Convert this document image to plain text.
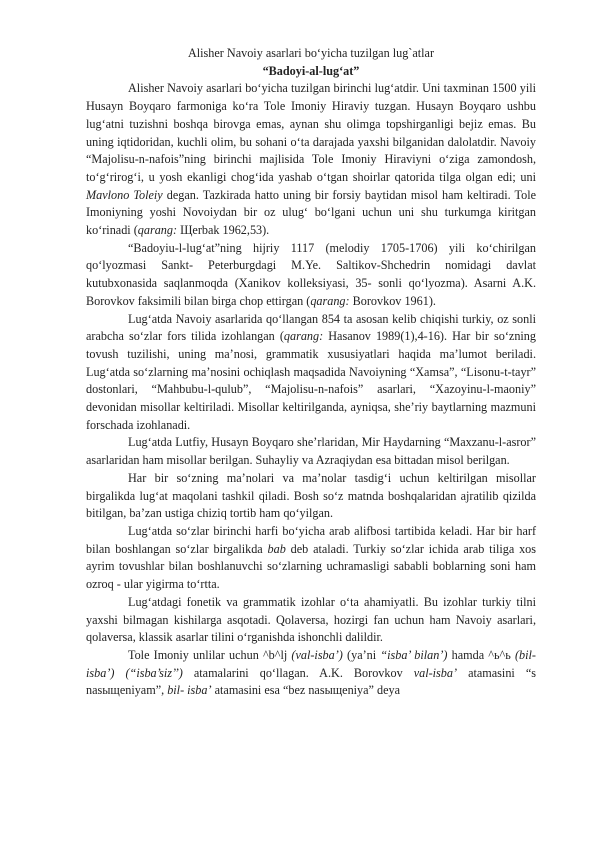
Alisher Navoiy asarlari bo‘yicha tuzilgan lug`atlar

“Badoyi-al-lug‘at”

Alisher Navoiy asarlari bo‘yicha tuzilgan birinchi lug‘atdir. Uni taxminan 1500 yili Husayn Boyqaro farmoniga ko‘ra Tole Imoniy Hiraviy tuzgan. Husayn Boyqaro ushbu lug‘atni tuzishni boshqa birovga emas, aynan shu olimga topshirganligi bejiz emas. Bu uning iqtidoridan, kuchli olim, bu sohani o‘ta darajada yaxshi bilganidan dalolatdir. Navoiy “Majolisu-n-nafois”ning birinchi majlisida Tole Imoniy Hiraviyni o‘ziga zamondosh, to‘g‘rirog‘i, u yosh ekanligi chog‘ida yashab o‘tgan shoirlar qatorida tilga olgan edi; uni Mavlono Toleiy degan. Tazkirada hatto uning bir forsiy baytidan misol ham keltiradi. Tole Imoniyning yoshi Novoiydan bir oz ulug‘ bo‘lgani uchun uni shu turkumga kiritgan ko‘rinadi (qarang: Щerbak 1962,53).

“Badoyiu-l-lug‘at”ning hijriy 1117 (melodiy 1705-1706) yili ko‘chirilgan qo‘lyozmasi Sankt- Peterburgdagi M.Ye. Saltikov-Shchedrin nomidagi davlat kutubxonasida saqlanmoqda (Xanikov kolleksiyasi, 35- sonli qo‘lyozma). Asarni A.K. Borovkov faksimili bilan birga chop ettirgan (qarang: Borovkov 1961).

Lug‘atda Navoiy asarlarida qo‘llangan 854 ta asosan kelib chiqishi turkiy, oz sonli arabcha so‘zlar fors tilida izohlangan (qarang: Hasanov 1989(1),4-16). Har bir so‘zning tovush tuzilishi, uning ma’nosi, grammatik xususiyatlari haqida ma’lumot beriladi. Lug‘atda so‘zlarning ma’nosini ochiqlash maqsadida Navoiyning “Xamsa”, “Lisonu-t-tayr” dostonlari, “Mahbubu-l-qulub”, “Majolisu-n-nafois” asarlari, “Xazoyinu-l-maoniy” devonidan misollar keltiriladi. Misollar keltirilganda, ayniqsa, she’riy baytlarning mazmuni forschada izohlanadi.

Lug‘atda Lutfiy, Husayn Boyqaro she’rlaridan, Mir Haydarning “Maxzanu-l-asror” asarlaridan ham misollar berilgan. Suhayliy va Azraqiydan esa bittadan misol berilgan.

Har bir so‘zning ma’nolari va ma’nolar tasdig‘i uchun keltirilgan misollar birgalikda lug‘at maqolani tashkil qiladi. Bosh so‘z matnda boshqalaridan ajratilib qizilda bitilgan, ba’zan ustiga chiziq tortib ham qo‘yilgan.

Lug‘atda so‘zlar birinchi harfi bo‘yicha arab alifbosi tartibida keladi. Har bir harf bilan boshlangan so‘zlar birgalikda bab deb ataladi. Turkiy so‘zlar ichida arab tiliga xos ayrim tovushlar bilan boshlanuvchi so‘zlarning uchramasligi sababli boblarning soni ham ozroq - ular yigirma to‘rtta.

Lug‘atdagi fonetik va grammatik izohlar o‘ta ahamiyatli. Bu izohlar turkiy tilni yaxshi bilmagan kishilarga asqotadi. Qolaversa, hozirgi fan uchun ham Navoiy asarlari, qolaversa, klassik asarlar tilini o‘rganishda ishonchli dalildir.

Tole Imoniy unlilar uchun ^b^lj (val-isba’) (ya’ni “isba’ bilan’) hamda ^ь^ь (bil-isba’) (“isba’siz’’) atamalarini qo‘llagan. A.K. Borovkov val-isba’ atamasini “s nasыщeniyam”, bil- isba’ atamasini esa “bez nasыщeniya” deya
